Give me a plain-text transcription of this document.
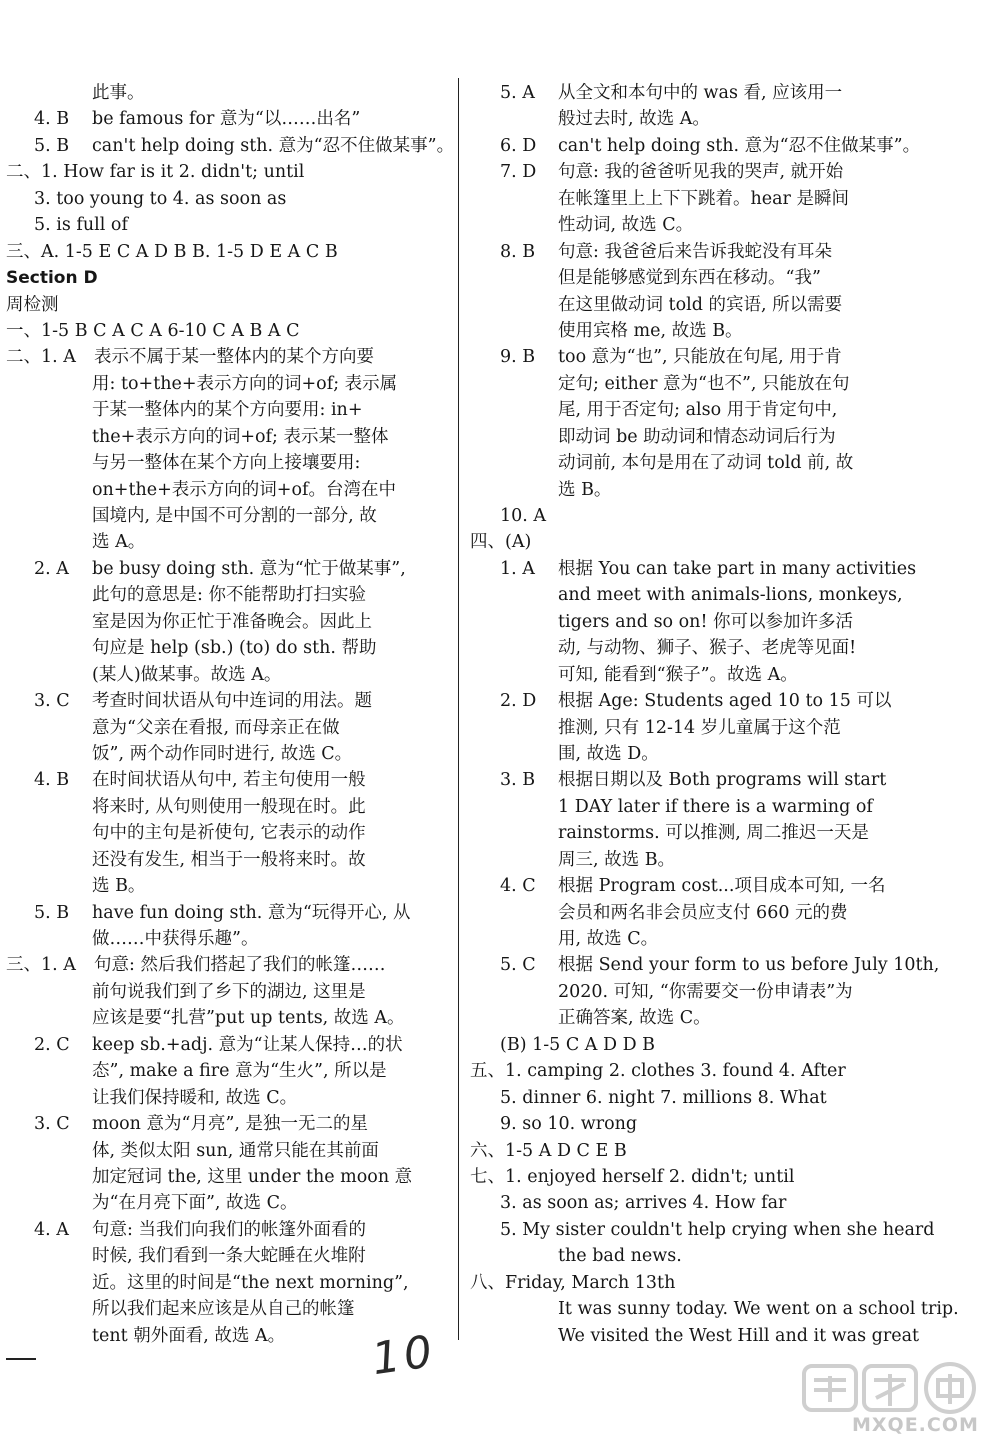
此事。
4. B be famous for 意为“以……出名”
5. B can't help doing sth. 意为“忍不住做某事”。
二、1. How far is it 2. didn't; until
3. too young to 4. as soon as
5. is full of
三、A. 1-5 E C A D B B. 1-5 D E A C B
Section D
周检测
一、1-5 B C A C A 6-10 C A B A C
二、1. A 表示不属于某一整体内的某个方向要
用: to+the+表示方向的词+of; 表示属
于某一整体内的某个方向要用: in+
the+表示方向的词+of; 表示某一整体
与另一整体在某个方向上接壤要用:
on+the+表示方向的词+of。台湾在中
国境内, 是中国不可分割的一部分, 故
选 A。
2. A be busy doing sth. 意为“忙于做某事”,
此句的意思是: 你不能帮助打扫实验
室是因为你正忙于准备晚会。因此上
句应是 help (sb.) (to) do sth. 帮助
(某人)做某事。故选 A。
3. C 考查时间状语从句中连词的用法。题
意为“父亲在看报, 而母亲正在做
饭”, 两个动作同时进行, 故选 C。
4. B 在时间状语从句中, 若主句使用一般
将来时, 从句则使用一般现在时。此
句中的主句是祈使句, 它表示的动作
还没有发生, 相当于一般将来时。故
选 B。
5. B have fun doing sth. 意为“玩得开心, 从
做……中获得乐趣”。
三、1. A 句意: 然后我们搭起了我们的帐篷……
前句说我们到了乡下的湖边, 这里是
应该是要“扎营”put up tents, 故选 A。
2. C keep sb.+adj. 意为“让某人保持…的状
态”, make a fire 意为“生火”, 所以是
让我们保持暖和, 故选 C。
3. C moon 意为“月亮”, 是独一无二的星
体, 类似太阳 sun, 通常只能在其前面
加定冠词 the, 这里 under the moon 意
为“在月亮下面”, 故选 C。
4. A 句意: 当我们向我们的帐篷外面看的
时候, 我们看到一条大蛇睡在火堆附
近。这里的时间是“the next morning”,
所以我们起来应该是从自己的帐篷
tent 朝外面看, 故选 A。
5. A 从全文和本句中的 was 看, 应该用一
般过去时, 故选 A。
6. D can't help doing sth. 意为“忍不住做某事”。
7. D 句意: 我的爸爸听见我的哭声, 就开始
在帐篷里上上下下跳着。hear 是瞬间
性动词, 故选 C。
8. B 句意: 我爸爸后来告诉我蛇没有耳朵
但是能够感觉到东西在移动。“我”
在这里做动词 told 的宾语, 所以需要
使用宾格 me, 故选 B。
9. B too 意为“也”, 只能放在句尾, 用于肯
定句; either 意为“也不”, 只能放在句
尾, 用于否定句; also 用于肯定句中,
即动词 be 助动词和情态动词后行为
动词前, 本句是用在了动词 told 前, 故
选 B。
10. A
四、(A)
1. A 根据 You can take part in many activities
and meet with animals-lions, monkeys,
tigers and so on! 你可以参加许多活
动, 与动物、狮子、猴子、老虎等见面!
可知, 能看到“猴子”。故选 A。
2. D 根据 Age: Students aged 10 to 15 可以
推测, 只有 12-14 岁儿童属于这个范
围, 故选 D。
3. B 根据日期以及 Both programs will start
1 DAY later if there is a warming of
rainstorms. 可以推测, 周二推迟一天是
周三, 故选 B。
4. C 根据 Program cost...项目成本可知, 一名
会员和两名非会员应支付 660 元的费
用, 故选 C。
5. C 根据 Send your form to us before July 10th,
2020. 可知, “你需要交一份申请表”为
正确答案, 故选 C。
(B) 1-5 C A D D B
五、1. camping 2. clothes 3. found 4. After
5. dinner 6. night 7. millions 8. What
9. so 10. wrong
六、1-5 A D C E B
七、1. enjoyed herself 2. didn't; until
3. as soon as; arrives 4. How far
5. My sister couldn't help crying when she heard
the bad news.
八、Friday, March 13th
It was sunny today. We went on a school trip.
We visited the West Hill and it was great
10
MXQE.COM
